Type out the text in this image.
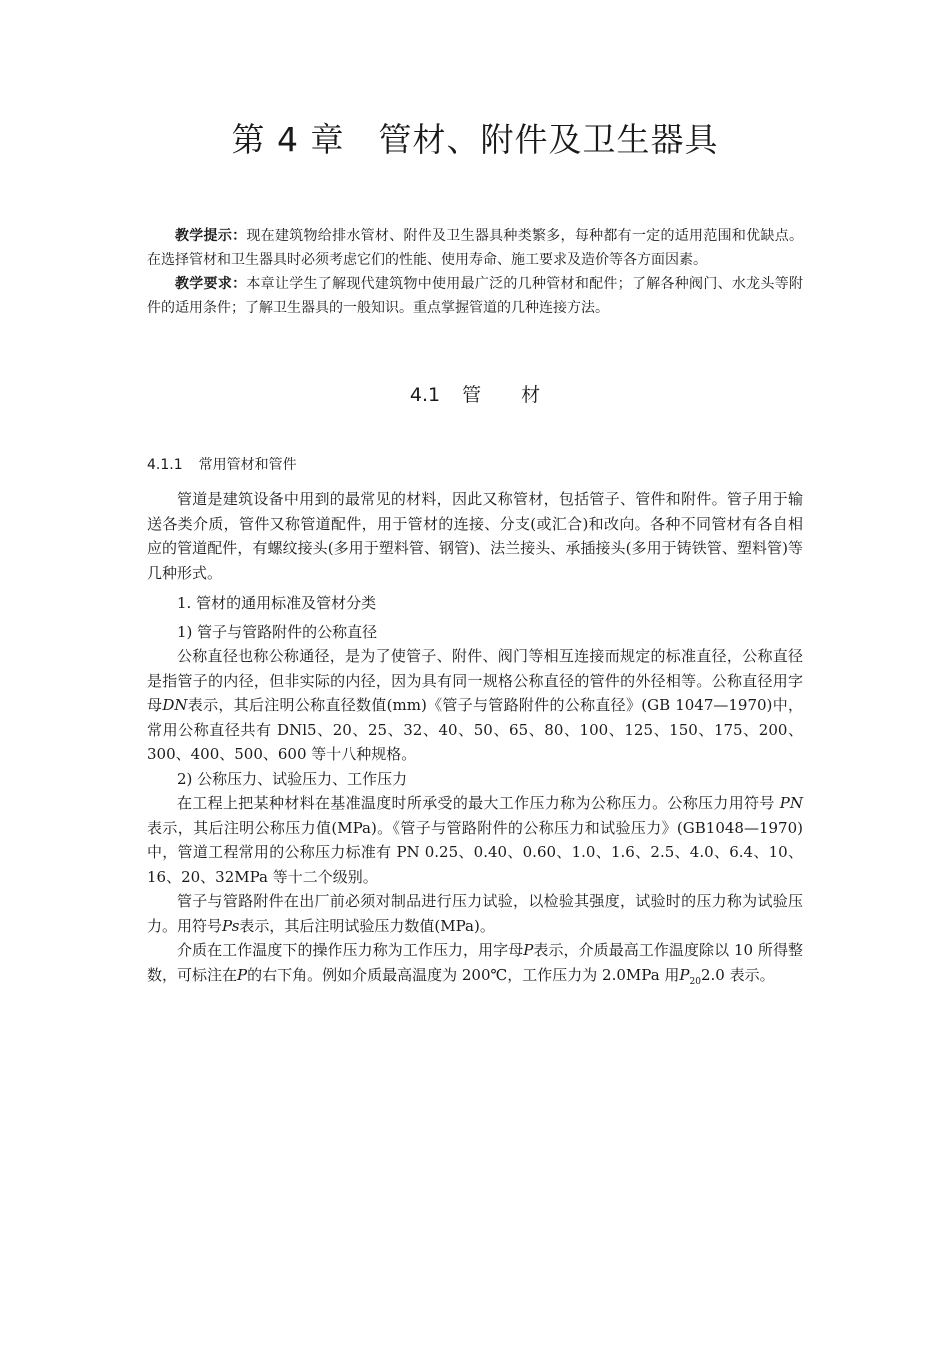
第 4 章 管材、附件及卫生器具

教学提示：现在建筑物给排水管材、附件及卫生器具种类繁多，每种都有一定的适用范围和优缺点。在选择管材和卫生器具时必须考虑它们的性能、使用寿命、施工要求及造价等各方面因素。

教学要求：本章让学生了解现代建筑物中使用最广泛的几种管材和配件；了解各种阀门、水龙头等附件的适用条件；了解卫生器具的一般知识。重点掌握管道的几种连接方法。

4.1 管材
4.1.1 常用管材和管件

管道是建筑设备中用到的最常见的材料，因此又称管材，包括管子、管件和附件。管子用于输送各类介质，管件又称管道配件，用于管材的连接、分支(或汇合)和改向。各种不同管材有各自相应的管道配件，有螺纹接头(多用于塑料管、钢管)、法兰接头、承插接头(多用于铸铁管、塑料管)等几种形式。

1. 管材的通用标准及管材分类

1) 管子与管路附件的公称直径

公称直径也称公称通径，是为了使管子、附件、阀门等相互连接而规定的标准直径，公称直径是指管子的内径，但非实际的内径，因为具有同一规格公称直径的管件的外径相等。公称直径用字母DN表示，其后注明公称直径数值(mm)《管子与管路附件的公称直径》(GB 1047—1970)中，常用公称直径共有 DNl5、20、25、32、40、50、65、80、100、125、150、175、200、300、400、500、600 等十八种规格。

2) 公称压力、试验压力、工作压力

在工程上把某种材料在基准温度时所承受的最大工作压力称为公称压力。公称压力用符号 PN 表示，其后注明公称压力值(MPa)。《管子与管路附件的公称压力和试验压力》(GB1048—1970)中，管道工程常用的公称压力标准有 PN 0.25、0.40、0.60、1.0、1.6、2.5、4.0、6.4、10、16、20、32MPa 等十二个级别。

管子与管路附件在出厂前必须对制品进行压力试验，以检验其强度，试验时的压力称为试验压力。用符号Ps表示，其后注明试验压力数值(MPa)。

介质在工作温度下的操作压力称为工作压力，用字母P表示，介质最高工作温度除以 10 所得整数，可标注在P的右下角。例如介质最高温度为 200℃，工作压力为 2.0MPa 用$P_{20}2.0$ 表示。
